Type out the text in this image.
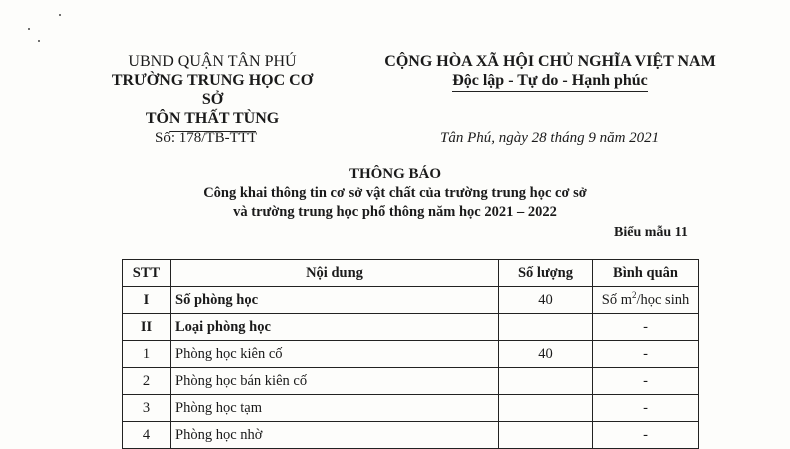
UBND QUẬN TÂN PHÚ
TRƯỜNG TRUNG HỌC CƠ SỞ
TÔN THẤT TÙNG
CỘNG HÒA XÃ HỘI CHỦ NGHĨA VIỆT NAM
Độc lập - Tự do - Hạnh phúc
Số: 178/TB-TTT	Tân Phú, ngày 28 tháng 9 năm 2021
THÔNG BÁO
Công khai thông tin cơ sở vật chất của trường trung học cơ sở
và trường trung học phổ thông năm học 2021 – 2022
Biểu mẫu 11
STT	Nội dung	Số lượng	Bình quân
I	Số phòng học	40	Số $m^2$/học sinh
II	Loại phòng học		-
1	Phòng học kiên cố	40	-
2	Phòng học bán kiên cố		-
3	Phòng học tạm		-
4	Phòng học nhờ		-
